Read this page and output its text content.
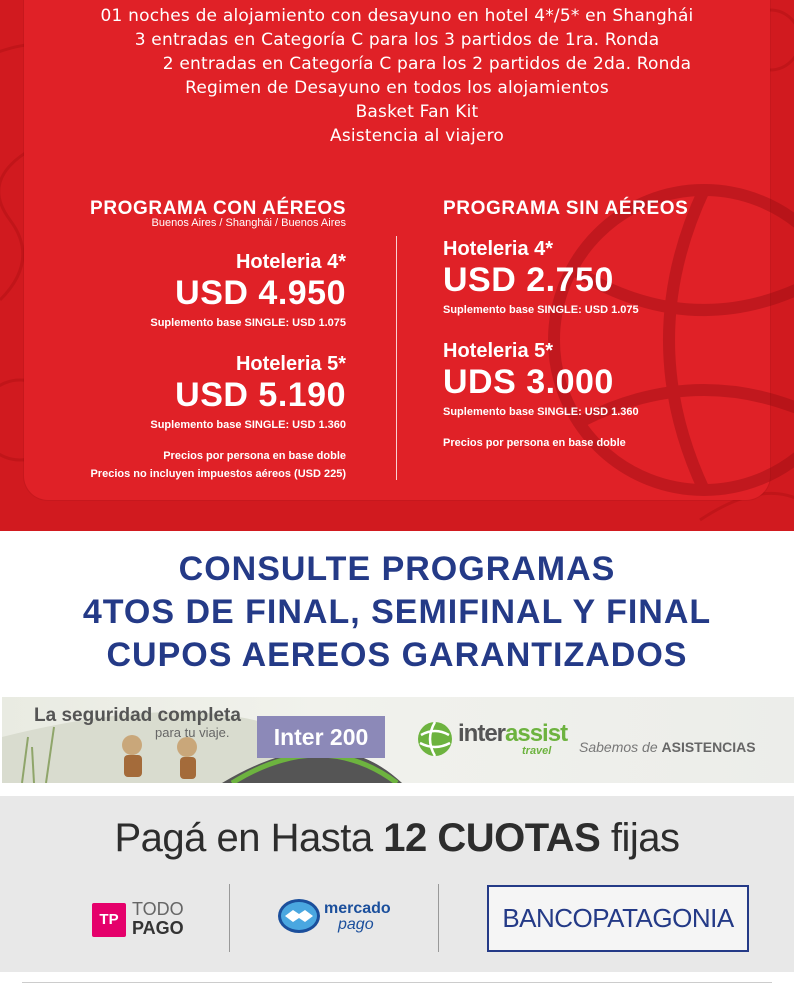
01 noches de alojamiento con desayuno en hotel 4*/5* en Shanghái
3 entradas en Categoría C para los 3 partidos de 1ra. Ronda
2 entradas en Categoría C para los 2 partidos de 2da. Ronda
Regimen de Desayuno en todos los alojamientos
Basket Fan Kit
Asistencia al viajero
PROGRAMA CON AÉREOS
Buenos Aires / Shanghái / Buenos Aires
Hoteleria 4*
USD 4.950
Suplemento base SINGLE: USD 1.075
Hoteleria 5*
USD 5.190
Suplemento base SINGLE: USD 1.360
Precios por persona en base doble
Precios no incluyen impuestos aéreos (USD 225)
PROGRAMA SIN AÉREOS
Hoteleria 4*
USD 2.750
Suplemento base SINGLE: USD 1.075
Hoteleria 5*
UDS 3.000
Suplemento base SINGLE: USD 1.360
Precios por persona en base doble
CONSULTE PROGRAMAS
4TOS DE FINAL, SEMIFINAL Y FINAL
CUPOS AEREOS GARANTIZADOS
La seguridad completa
para tu viaje.	Inter 200	interassist
travel Sabemos de ASISTENCIAS
Pagá en Hasta 12 CUOTAS fijas
TP
TODO
PAGO
mercado
pago	BANCOPATAGONIA
